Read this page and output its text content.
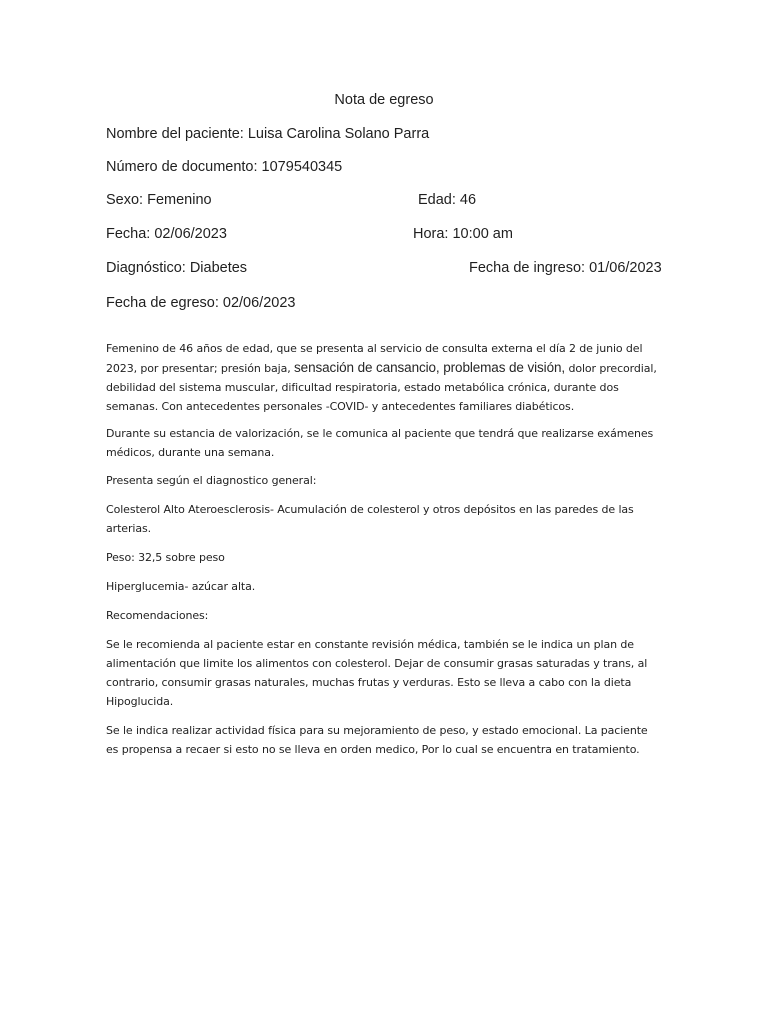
Nota de egreso
Nombre del paciente: Luisa Carolina Solano Parra
Número de documento: 1079540345
Sexo: Femenino	Edad: 46
Fecha: 02/06/2023	Hora: 10:00 am
Diagnóstico: Diabetes	Fecha de ingreso: 01/06/2023
Fecha de egreso: 02/06/2023

Femenino de 46 años de edad, que se presenta al servicio de consulta externa el día 2 de junio del 2023, por presentar; presión baja, sensación de cansancio, problemas de visión, dolor precordial, debilidad del sistema muscular, dificultad respiratoria, estado metabólica crónica, durante dos semanas. Con antecedentes personales -COVID- y antecedentes familiares diabéticos.

Durante su estancia de valorización, se le comunica al paciente que tendrá que realizarse exámenes médicos, durante una semana.

Presenta según el diagnostico general:

Colesterol Alto Ateroesclerosis- Acumulación de colesterol y otros depósitos en las paredes de las arterias.

Peso: 32,5 sobre peso

Hiperglucemia- azúcar alta.

Recomendaciones:

Se le recomienda al paciente estar en constante revisión médica, también se le indica un plan de alimentación que limite los alimentos con colesterol. Dejar de consumir grasas saturadas y trans, al contrario, consumir grasas naturales, muchas frutas y verduras. Esto se lleva a cabo con la dieta Hipoglucida.

Se le indica realizar actividad física para su mejoramiento de peso, y estado emocional. La paciente es propensa a recaer si esto no se lleva en orden medico, Por lo cual se encuentra en tratamiento.
